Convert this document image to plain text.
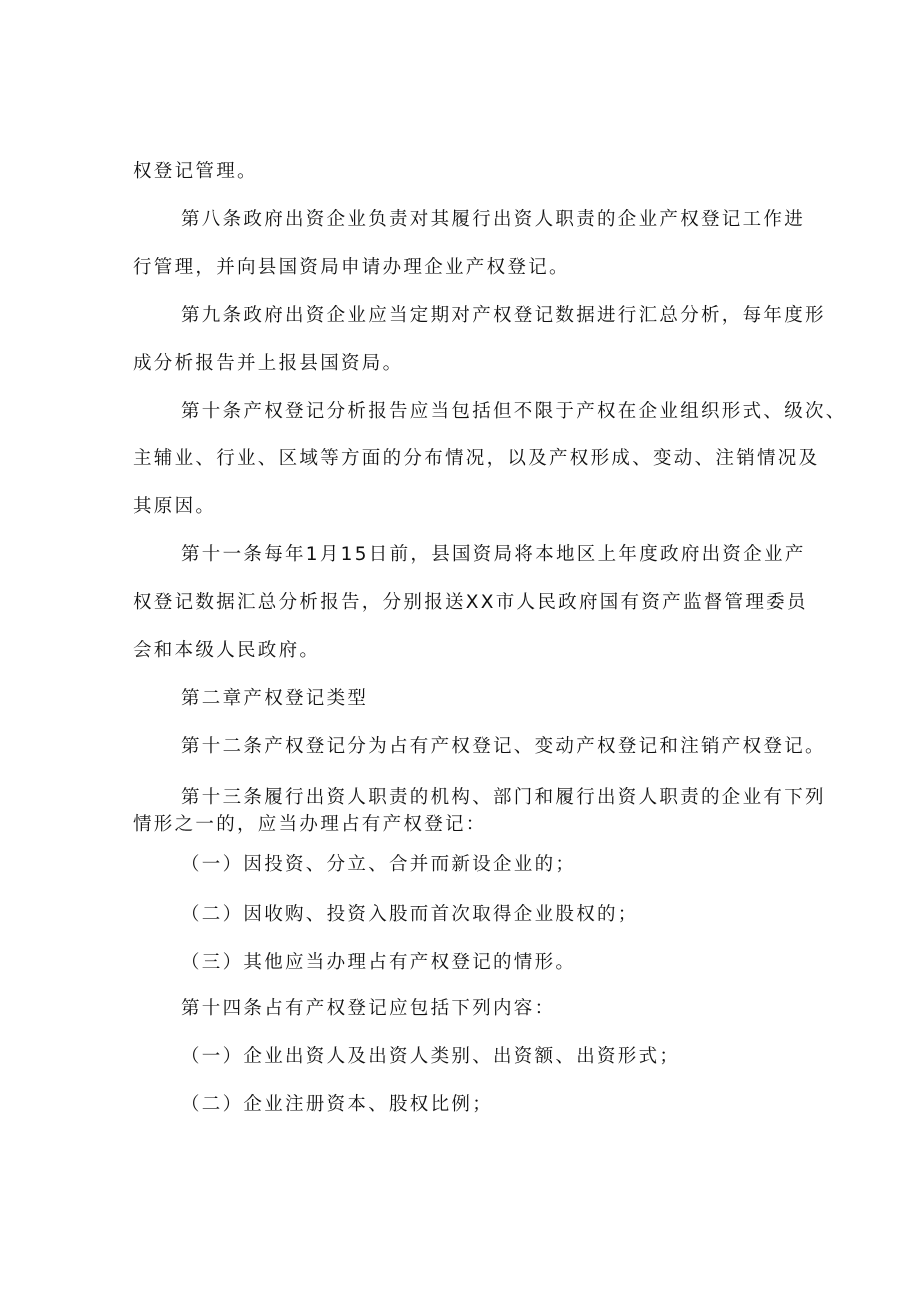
权登记管理。
第八条政府出资企业负责对其履行出资人职责的企业产权登记工作进
行管理，并向县国资局申请办理企业产权登记。
第九条政府出资企业应当定期对产权登记数据进行汇总分析，每年度形
成分析报告并上报县国资局。
第十条产权登记分析报告应当包括但不限于产权在企业组织形式、级次、
主辅业、行业、区域等方面的分布情况，以及产权形成、变动、注销情况及
其原因。
第十一条每年1月15日前，县国资局将本地区上年度政府出资企业产
权登记数据汇总分析报告，分别报送XX市人民政府国有资产监督管理委员
会和本级人民政府。
第二章产权登记类型
第十二条产权登记分为占有产权登记、变动产权登记和注销产权登记。
第十三条履行出资人职责的机构、部门和履行出资人职责的企业有下列
情形之一的，应当办理占有产权登记：
（一）因投资、分立、合并而新设企业的；
（二）因收购、投资入股而首次取得企业股权的；
（三）其他应当办理占有产权登记的情形。
第十四条占有产权登记应包括下列内容：
（一）企业出资人及出资人类别、出资额、出资形式；
（二）企业注册资本、股权比例；
